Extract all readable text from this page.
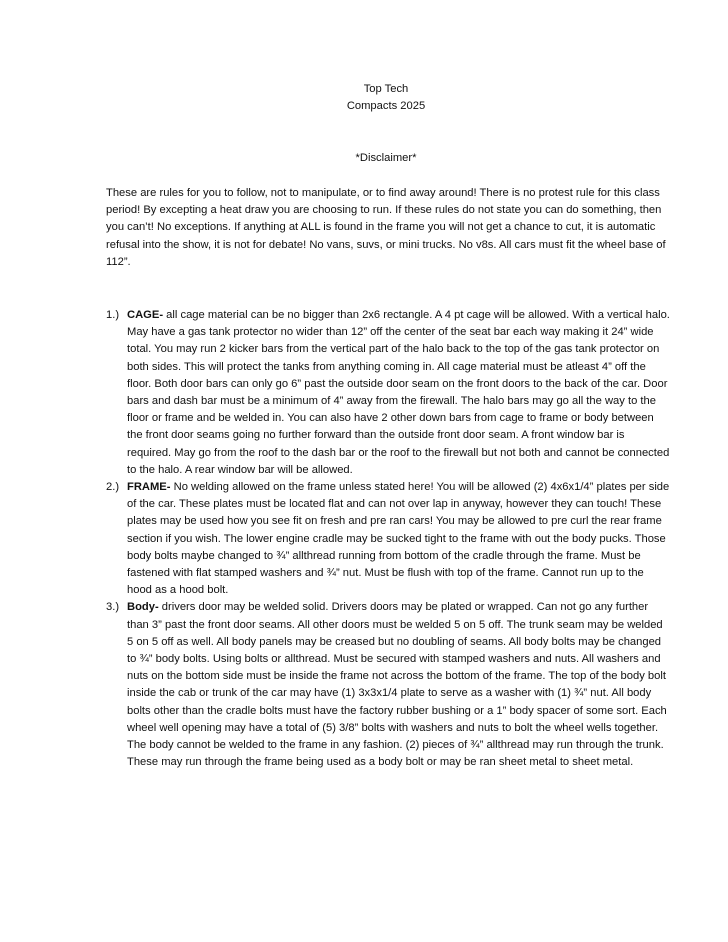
Top Tech
Compacts 2025
*Disclaimer*
These are rules for you to follow, not to manipulate, or to find away around! There is no protest rule for this class period! By excepting a heat draw you are choosing to run. If these rules do not state you can do something, then you can’t! No exceptions. If anything at ALL is found in the frame you will not get a chance to cut, it is automatic refusal into the show, it is not for debate! No vans, suvs, or mini trucks. No v8s. All cars must fit the wheel base of 112”.
1.) CAGE- all cage material can be no bigger than 2x6 rectangle. A 4 pt cage will be allowed. With a vertical halo. May have a gas tank protector no wider than 12” off the center of the seat bar each way making it 24” wide total. You may run 2 kicker bars from the vertical part of the halo back to the top of the gas tank protector on both sides. This will protect the tanks from anything coming in. All cage material must be atleast 4” off the floor. Both door bars can only go 6” past the outside door seam on the front doors to the back of the car. Door bars and dash bar must be a minimum of 4” away from the firewall. The halo bars may go all the way to the floor or frame and be welded in. You can also have 2 other down bars from cage to frame or body between the front door seams going no further forward than the outside front door seam. A front window bar is required. May go from the roof to the dash bar or the roof to the firewall but not both and cannot be connected to the halo. A rear window bar will be allowed.
2.) FRAME- No welding allowed on the frame unless stated here! You will be allowed (2) 4x6x1/4” plates per side of the car. These plates must be located flat and can not over lap in anyway, however they can touch! These plates may be used how you see fit on fresh and pre ran cars! You may be allowed to pre curl the rear frame section if you wish. The lower engine cradle may be sucked tight to the frame with out the body pucks. Those body bolts maybe changed to ¾” allthread running from bottom of the cradle through the frame. Must be fastened with flat stamped washers and ¾” nut. Must be flush with top of the frame. Cannot run up to the hood as a hood bolt.
3.) Body- drivers door may be welded solid. Drivers doors may be plated or wrapped. Can not go any further than 3” past the front door seams. All other doors must be welded 5 on 5 off. The trunk seam may be welded 5 on 5 off as well. All body panels may be creased but no doubling of seams. All body bolts may be changed to ¾” body bolts. Using bolts or allthread. Must be secured with stamped washers and nuts. All washers and nuts on the bottom side must be inside the frame not across the bottom of the frame. The top of the body bolt inside the cab or trunk of the car may have (1) 3x3x1/4 plate to serve as a washer with (1) ¾” nut. All body bolts other than the cradle bolts must have the factory rubber bushing or a 1” body spacer of some sort. Each wheel well opening may have a total of (5) 3/8” bolts with washers and nuts to bolt the wheel wells together. The body cannot be welded to the frame in any fashion. (2) pieces of ¾” allthread may run through the trunk. These may run through the frame being used as a body bolt or may be ran sheet metal to sheet metal.
